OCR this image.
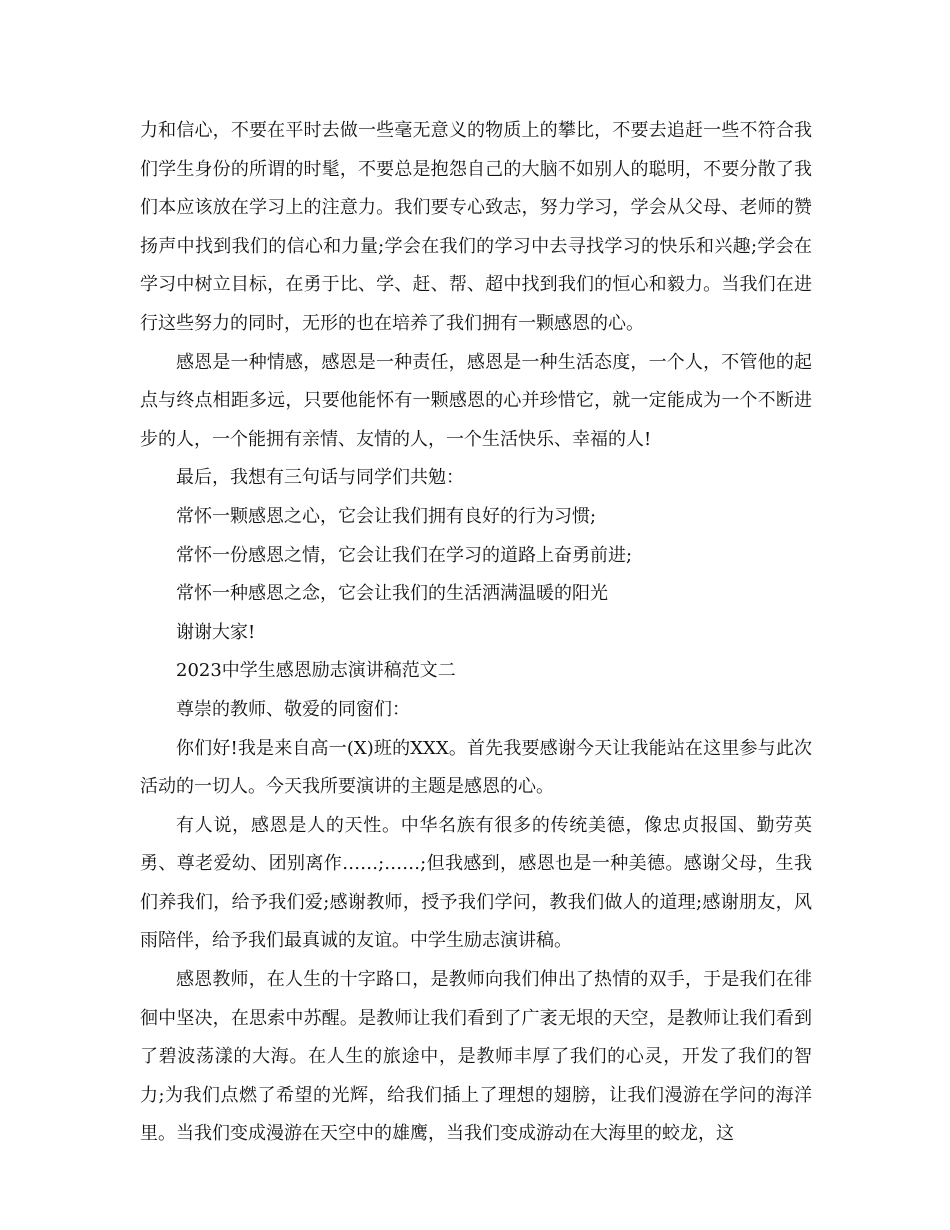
力和信心，不要在平时去做一些毫无意义的物质上的攀比，不要去追赶一些不符合我们学生身份的所谓的时髦，不要总是抱怨自己的大脑不如别人的聪明，不要分散了我们本应该放在学习上的注意力。我们要专心致志，努力学习，学会从父母、老师的赞扬声中找到我们的信心和力量;学会在我们的学习中去寻找学习的快乐和兴趣;学会在学习中树立目标，在勇于比、学、赶、帮、超中找到我们的恒心和毅力。当我们在进行这些努力的同时，无形的也在培养了我们拥有一颗感恩的心。

感恩是一种情感，感恩是一种责任，感恩是一种生活态度，一个人，不管他的起点与终点相距多远，只要他能怀有一颗感恩的心并珍惜它，就一定能成为一个不断进步的人，一个能拥有亲情、友情的人，一个生活快乐、幸福的人!

最后，我想有三句话与同学们共勉：

常怀一颗感恩之心，它会让我们拥有良好的行为习惯;

常怀一份感恩之情，它会让我们在学习的道路上奋勇前进;

常怀一种感恩之念，它会让我们的生活洒满温暖的阳光

谢谢大家!

2023中学生感恩励志演讲稿范文二

尊崇的教师、敬爱的同窗们：

你们好!我是来自高一(X)班的XXX。首先我要感谢今天让我能站在这里参与此次活动的一切人。今天我所要演讲的主题是感恩的心。

有人说，感恩是人的天性。中华名族有很多的传统美德，像忠贞报国、勤劳英勇、尊老爱幼、团别离作……;……;但我感到，感恩也是一种美德。感谢父母，生我们养我们，给予我们爱;感谢教师，授予我们学问，教我们做人的道理;感谢朋友，风雨陪伴，给予我们最真诚的友谊。中学生励志演讲稿。

感恩教师，在人生的十字路口，是教师向我们伸出了热情的双手，于是我们在徘徊中坚决，在思索中苏醒。是教师让我们看到了广袤无垠的天空，是教师让我们看到了碧波荡漾的大海。在人生的旅途中，是教师丰厚了我们的心灵，开发了我们的智力;为我们点燃了希望的光辉，给我们插上了理想的翅膀，让我们漫游在学问的海洋里。当我们变成漫游在天空中的雄鹰，当我们变成游动在大海里的蛟龙，这
